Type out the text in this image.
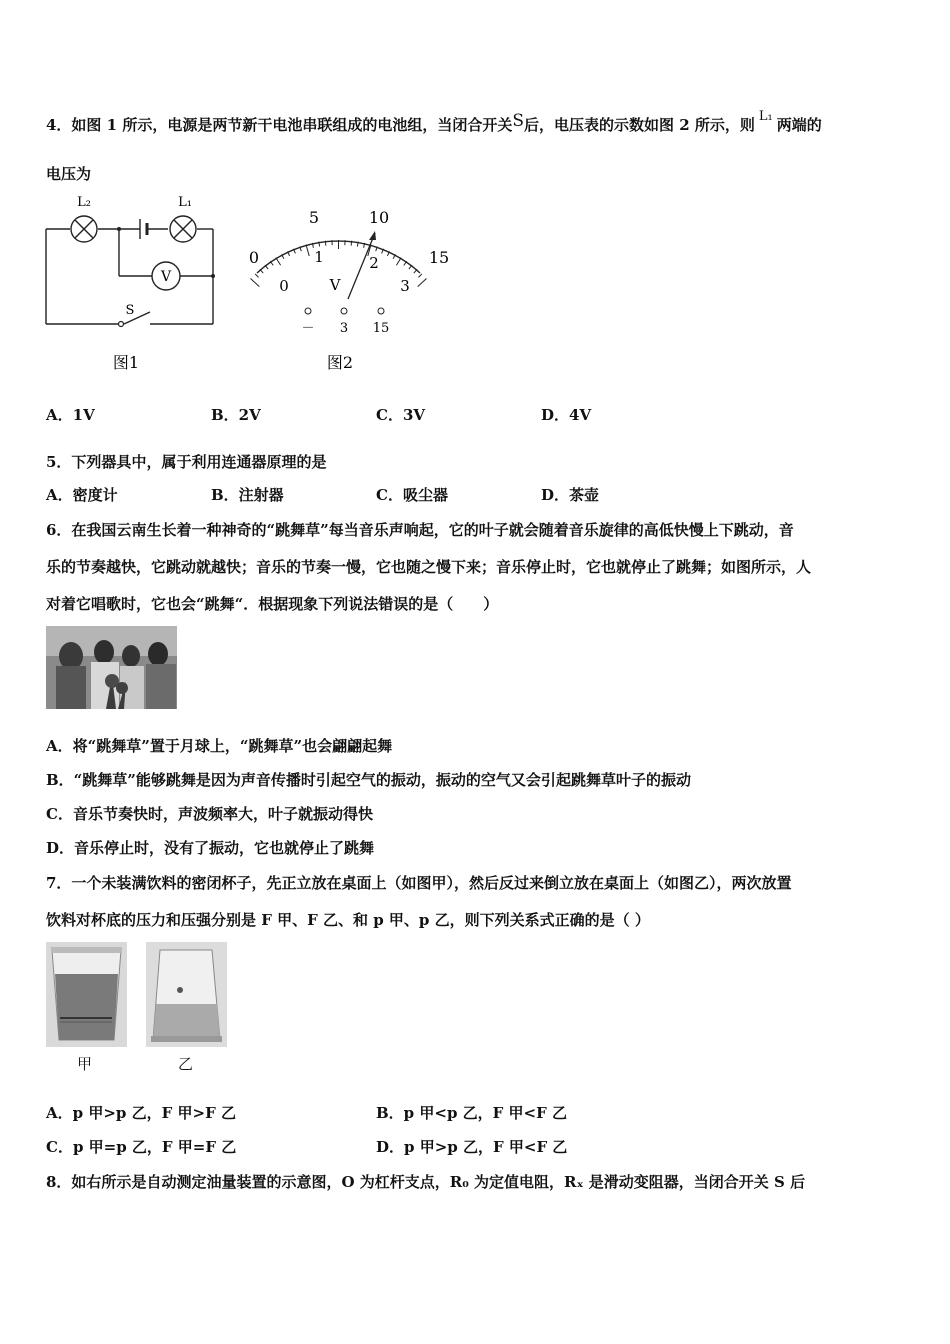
4．如图 1 所示，电源是两节新干电池串联组成的电池组，当闭合开关S后，电压表的示数如图 2 所示，则 L₁ 两端的
电压为
V
L₂	L₁
S
图1
0
5	10
15
0
1	2
3
V
－ 3 15
图2
A．1V	B．2V	C．3V	D．4V
5．下列器具中，属于利用连通器原理的是
A．密度计	B．注射器	C．吸尘器	D．茶壶
6．在我国云南生长着一种神奇的“跳舞草”每当音乐声响起，它的叶子就会随着音乐旋律的高低快慢上下跳动，音
乐的节奏越快，它跳动就越快；音乐的节奏一慢，它也随之慢下来；音乐停止时，它也就停止了跳舞；如图所示，人
对着它唱歌时，它也会“跳舞“．根据现象下列说法错误的是（　　）
A．将“跳舞草”置于月球上，“跳舞草”也会翩翩起舞
B．“跳舞草”能够跳舞是因为声音传播时引起空气的振动，振动的空气又会引起跳舞草叶子的振动
C．音乐节奏快时，声波频率大，叶子就振动得快
D．音乐停止时，没有了振动，它也就停止了跳舞
7．一个未装满饮料的密闭杯子，先正立放在桌面上（如图甲），然后反过来倒立放在桌面上（如图乙），两次放置
饮料对杯底的压力和压强分别是 F 甲、F 乙、和 p 甲、p 乙，则下列关系式正确的是（ ）
甲	乙
A．p 甲>p 乙，F 甲>F 乙	B．p 甲<p 乙，F 甲<F 乙
C．p 甲=p 乙，F 甲=F 乙	D．p 甲>p 乙，F 甲<F 乙
8．如右所示是自动测定油量装置的示意图，O 为杠杆支点，R₀ 为定值电阻，Rₓ 是滑动变阻器，当闭合开关 S 后
